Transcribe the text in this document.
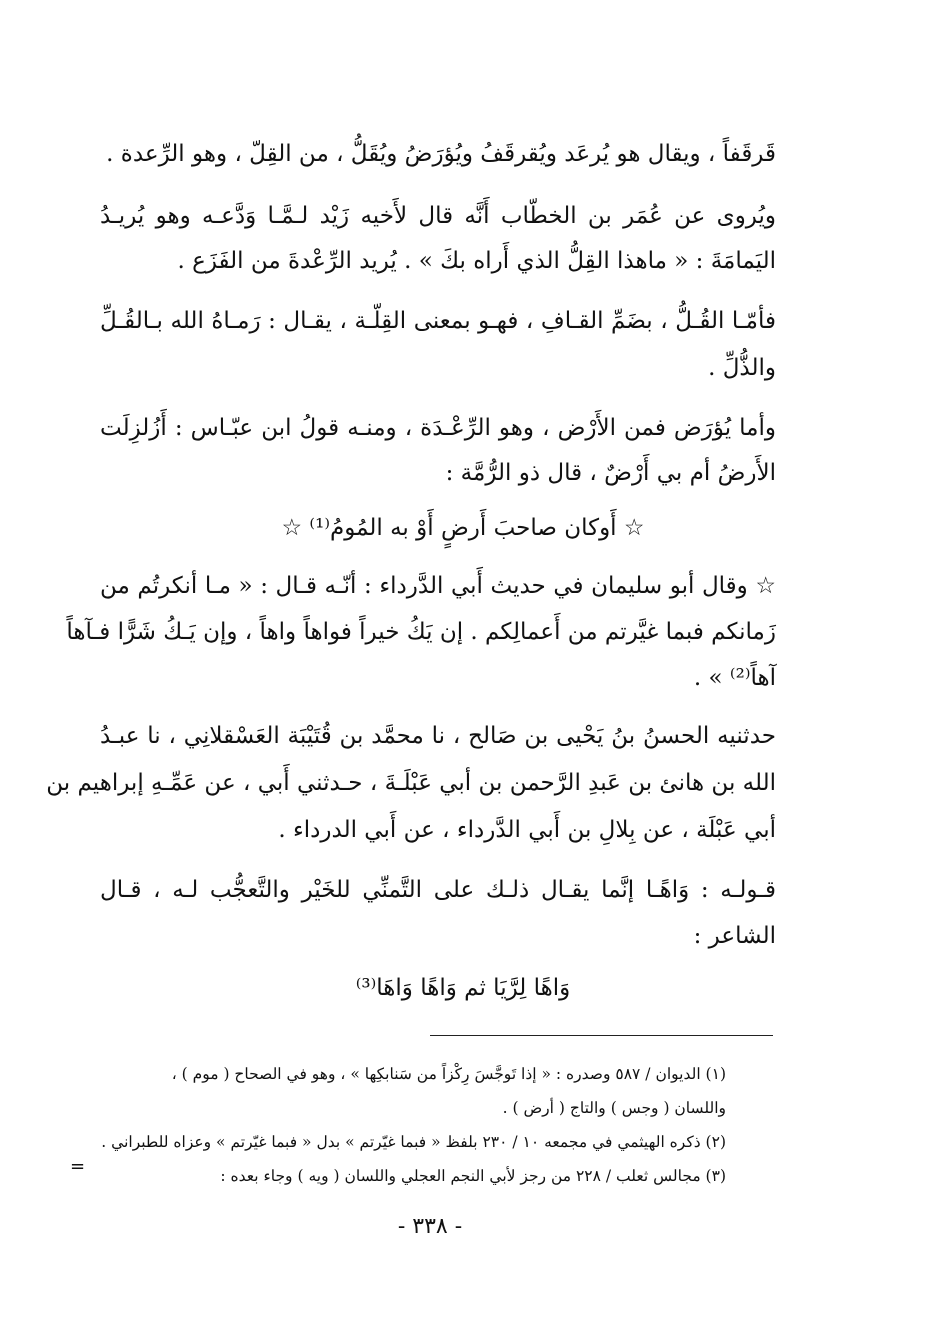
قَرقَفاً ، ويقال هو يُرعَد ويُقرقَفُ ويُؤرَضُ ويُقَلُّ ، من القِلّ ، وهو الرِّعدة .
ويُروى عن عُمَر بن الخطّاب أَنَّه قال لأَخيه زَيْد لـمَّـا وَدَّعـه وهو يُريـدُ
اليَمامَةَ : « ماهذا القِلُّ الذي أَراه بكَ » . يُريد الرِّعْدةَ من الفَزَع .
فأمّـا القُـلُّ ، بضَمِّ القـافِ ، فهـو بمعنى القِلّـة ، يقـال : رَمـاهُ الله بـالقُـلِّ
والذُّلِّ .
وأما يُؤرَض فمن الأَرْض ، وهو الرِّعْـدَة ، ومنـه قولُ ابن عبّـاس : أَزُلزِلَت
الأَرضُ أم بي أَرْضٌ ، قال ذو الرُّمَّة :
☆ أَوكان صاحبَ أَرضٍ أَوْ به المُومُ⁽¹⁾ ☆
☆ وقال أبو سليمان في حديث أَبي الدَّرداء : أنّـه قـال : « مـا أنكرتُم من
زَمانكم فبما غيَّرتم من أَعمالِكم . إن يَكُ خيراً فواهاً واهاً ، وإن يَـكُ شَرًّا فـآهاً
آهاً⁽²⁾ » .
حدثنيه الحسنُ بنُ يَحْيى بن صَالح ، نا محمَّد بن قُتَيْبَة العَسْقلانِي ، نا عبـدُ
الله بن هانئ بن عَبدِ الرَّحمن بن أبي عَبْلَـةَ ، حـدثني أَبي ، عن عَمِّـهِ إبراهيم بن
أبي عَبْلَة ، عن بِلالِ بن أَبي الدَّرداء ، عن أَبي الدرداء .
قـولـه : وَاهًـا إنَّما يقـال ذلـك على التَّمنِّي للخَيْر والتَّعجُّب لـه ، قـال
الشاعر :
وَاهًا لِرَّيَا ثم وَاهًا وَاهَا⁽³⁾
(١) الديوان / ٥٨٧ وصدره : « إذا تَوجَّسَ رِكْزاً من سَنابكِها » ، وهو في الصحاح ( موم ) ،
واللسان ( وجس ) والتاج ( أرض ) .
(٢) ذكره الهيثمي في مجمعه ١٠ / ٢٣٠ بلفظ « فبما غيّرتم » بدل « فبما غيّرتم » وعزاه للطبراني .
(٣) مجالس ثعلب / ٢٢٨ من رجز لأبي النجم العجلي واللسان ( ويه ) وجاء بعده :
=
- ٣٣٨ -
